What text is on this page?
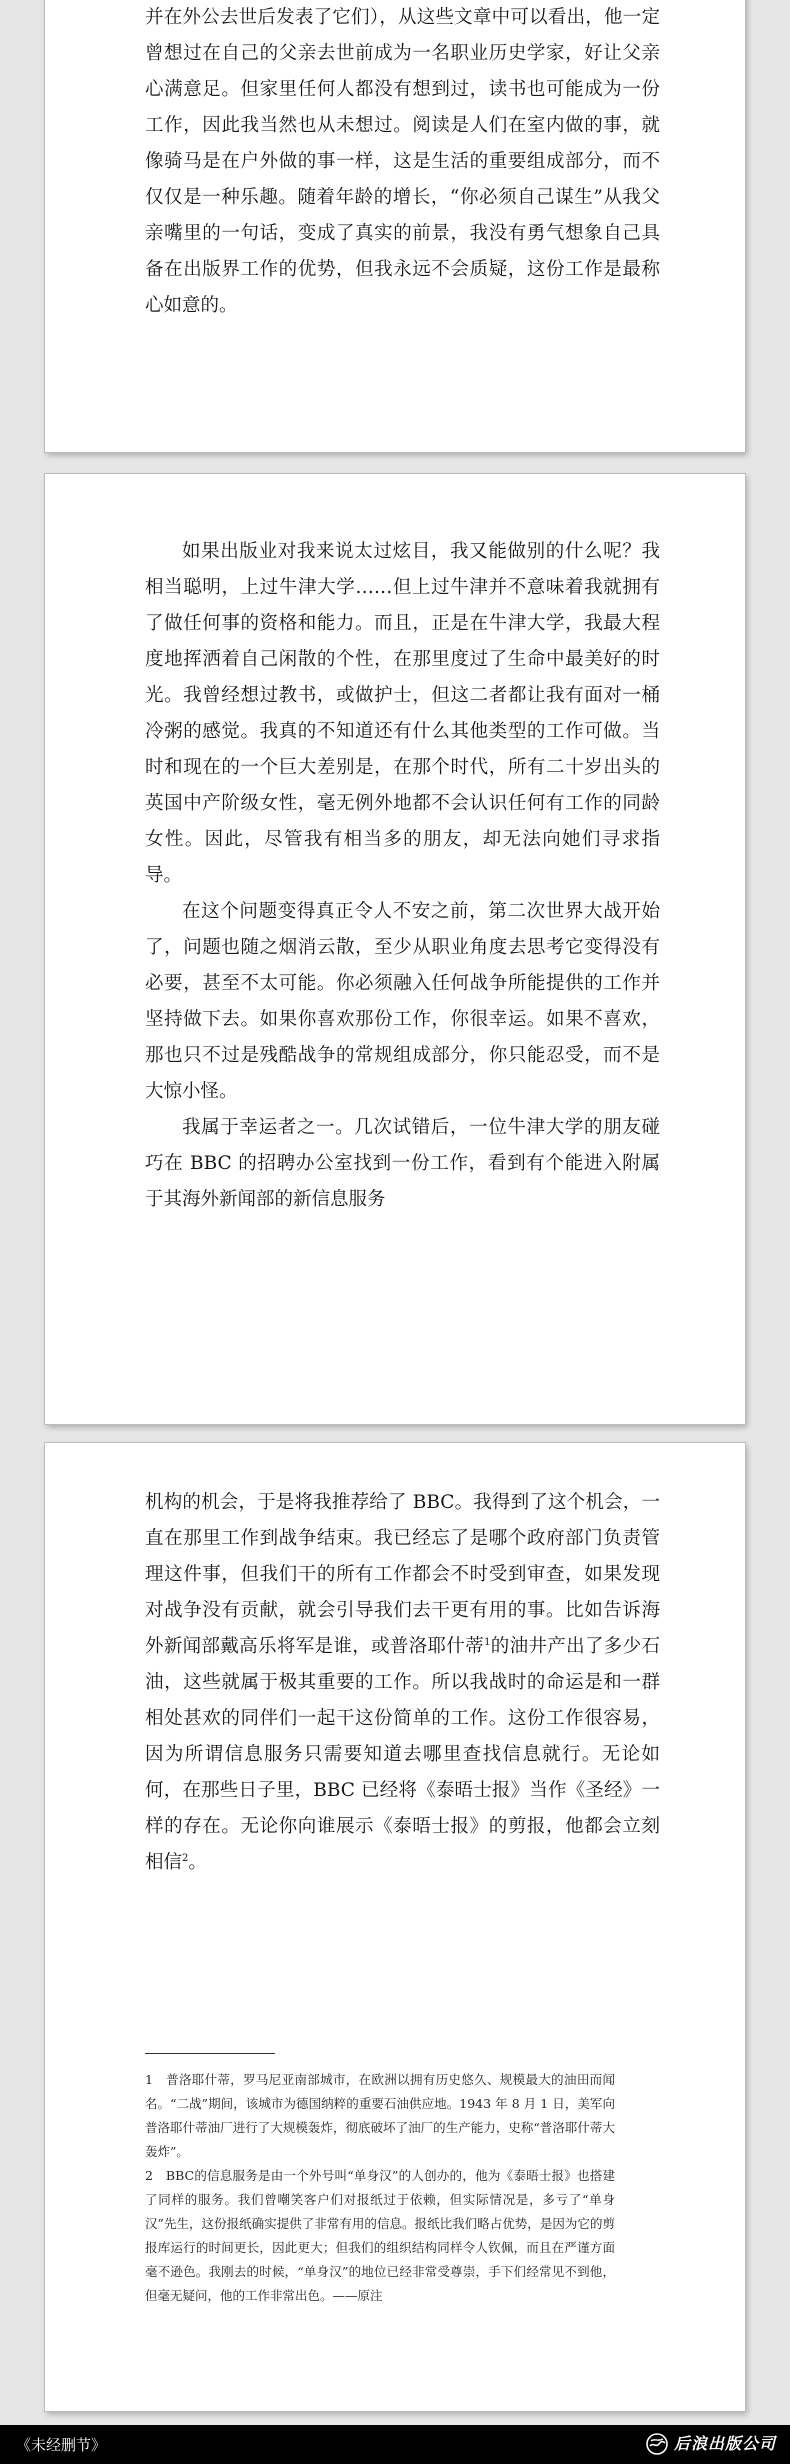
并在外公去世后发表了它们），从这些文章中可以看出，他一定曾想过在自己的父亲去世前成为一名职业历史学家，好让父亲心满意足。但家里任何人都没有想到过，读书也可能成为一份工作，因此我当然也从未想过。阅读是人们在室内做的事，就像骑马是在户外做的事一样，这是生活的重要组成部分，而不仅仅是一种乐趣。随着年龄的增长，“你必须自己谋生”从我父亲嘴里的一句话，变成了真实的前景，我没有勇气想象自己具备在出版界工作的优势，但我永远不会质疑，这份工作是最称心如意的。

如果出版业对我来说太过炫目，我又能做别的什么呢？我相当聪明，上过牛津大学……但上过牛津并不意味着我就拥有了做任何事的资格和能力。而且，正是在牛津大学，我最大程度地挥洒着自己闲散的个性，在那里度过了生命中最美好的时光。我曾经想过教书，或做护士，但这二者都让我有面对一桶冷粥的感觉。我真的不知道还有什么其他类型的工作可做。当时和现在的一个巨大差别是，在那个时代，所有二十岁出头的英国中产阶级女性，毫无例外地都不会认识任何有工作的同龄女性。因此，尽管我有相当多的朋友，却无法向她们寻求指导。

在这个问题变得真正令人不安之前，第二次世界大战开始了，问题也随之烟消云散，至少从职业角度去思考它变得没有必要，甚至不太可能。你必须融入任何战争所能提供的工作并坚持做下去。如果你喜欢那份工作，你很幸运。如果不喜欢，那也只不过是残酷战争的常规组成部分，你只能忍受，而不是大惊小怪。

我属于幸运者之一。几次试错后，一位牛津大学的朋友碰巧在 BBC 的招聘办公室找到一份工作，看到有个能进入附属于其海外新闻部的新信息服务

机构的机会，于是将我推荐给了 BBC。我得到了这个机会，一直在那里工作到战争结束。我已经忘了是哪个政府部门负责管理这件事，但我们干的所有工作都会不时受到审查，如果发现对战争没有贡献，就会引导我们去干更有用的事。比如告诉海外新闻部戴高乐将军是谁，或普洛耶什蒂$^1$的油井产出了多少石油，这些就属于极其重要的工作。所以我战时的命运是和一群相处甚欢的同伴们一起干这份简单的工作。这份工作很容易，因为所谓信息服务只需要知道去哪里查找信息就行。无论如何，在那些日子里，BBC 已经将《泰晤士报》当作《圣经》一样的存在。无论你向谁展示《泰晤士报》的剪报，他都会立刻相信$^2$。

1　普洛耶什蒂，罗马尼亚南部城市，在欧洲以拥有历史悠久、规模最大的油田而闻名。“二战”期间，该城市为德国纳粹的重要石油供应地。1943 年 8 月 1 日，美军向普洛耶什蒂油厂进行了大规模轰炸，彻底破坏了油厂的生产能力，史称“普洛耶什蒂大轰炸”。

2　BBC的信息服务是由一个外号叫“单身汉”的人创办的，他为《泰晤士报》也搭建了同样的服务。我们曾嘲笑客户们对报纸过于依赖，但实际情况是，多亏了“单身汉”先生，这份报纸确实提供了非常有用的信息。报纸比我们略占优势，是因为它的剪报库运行的时间更长，因此更大；但我们的组织结构同样令人钦佩，而且在严谨方面毫不逊色。我刚去的时候，“单身汉”的地位已经非常受尊崇，手下们经常见不到他，但毫无疑问，他的工作非常出色。——原注

《未经删节》	后浪出版公司
